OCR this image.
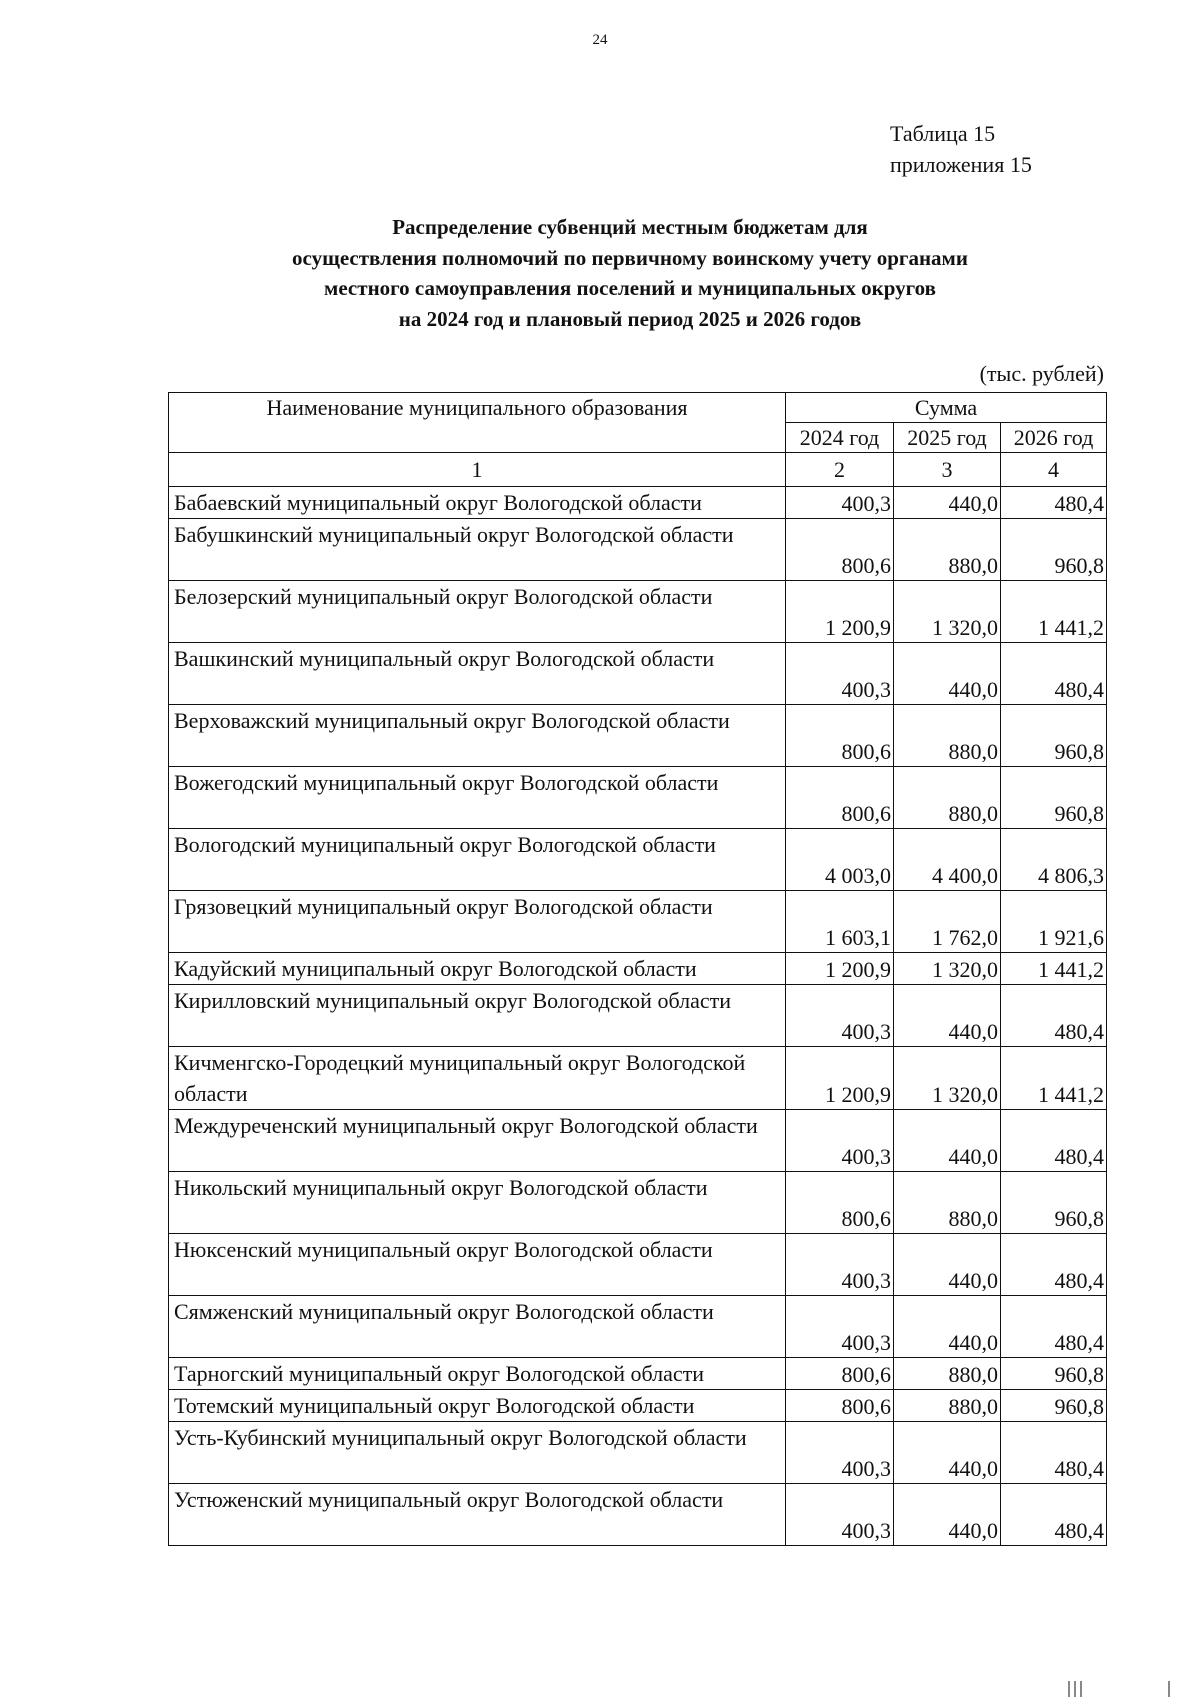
24
Таблица 15
приложения 15
Распределение субвенций местным бюджетам для
осуществления полномочий по первичному воинскому учету органами
местного самоуправления поселений и муниципальных округов
на 2024 год и плановый период 2025 и 2026 годов
(тыс. рублей)
Наименование муниципального образования	Сумма		
	2024 год	2025 год	2026 год
1	2	3	4
Бабаевский муниципальный округ Вологодской области	400,3	440,0	480,4
Бабушкинский муниципальный округ Вологодской области	800,6	880,0	960,8
Белозерский муниципальный округ Вологодской области	1 200,9	1 320,0	1 441,2
Вашкинский муниципальный округ Вологодской области	400,3	440,0	480,4
Верховажский муниципальный округ Вологодской области	800,6	880,0	960,8
Вожегодский муниципальный округ Вологодской области	800,6	880,0	960,8
Вологодский муниципальный округ Вологодской области	4 003,0	4 400,0	4 806,3
Грязовецкий муниципальный округ Вологодской области	1 603,1	1 762,0	1 921,6
Кадуйский муниципальный округ Вологодской области	1 200,9	1 320,0	1 441,2
Кирилловский муниципальный округ Вологодской области	400,3	440,0	480,4
Кичменгско-Городецкий муниципальный округ Вологодской области	1 200,9	1 320,0	1 441,2
Междуреченский муниципальный округ Вологодской области	400,3	440,0	480,4
Никольский муниципальный округ Вологодской области	800,6	880,0	960,8
Нюксенский муниципальный округ Вологодской области	400,3	440,0	480,4
Сямженский муниципальный округ Вологодской области	400,3	440,0	480,4
Тарногский муниципальный округ Вологодской области	800,6	880,0	960,8
Тотемский муниципальный округ Вологодской области	800,6	880,0	960,8
Усть-Кубинский муниципальный округ Вологодской области	400,3	440,0	480,4
Устюженский муниципальный округ Вологодской области	400,3	440,0	480,4
